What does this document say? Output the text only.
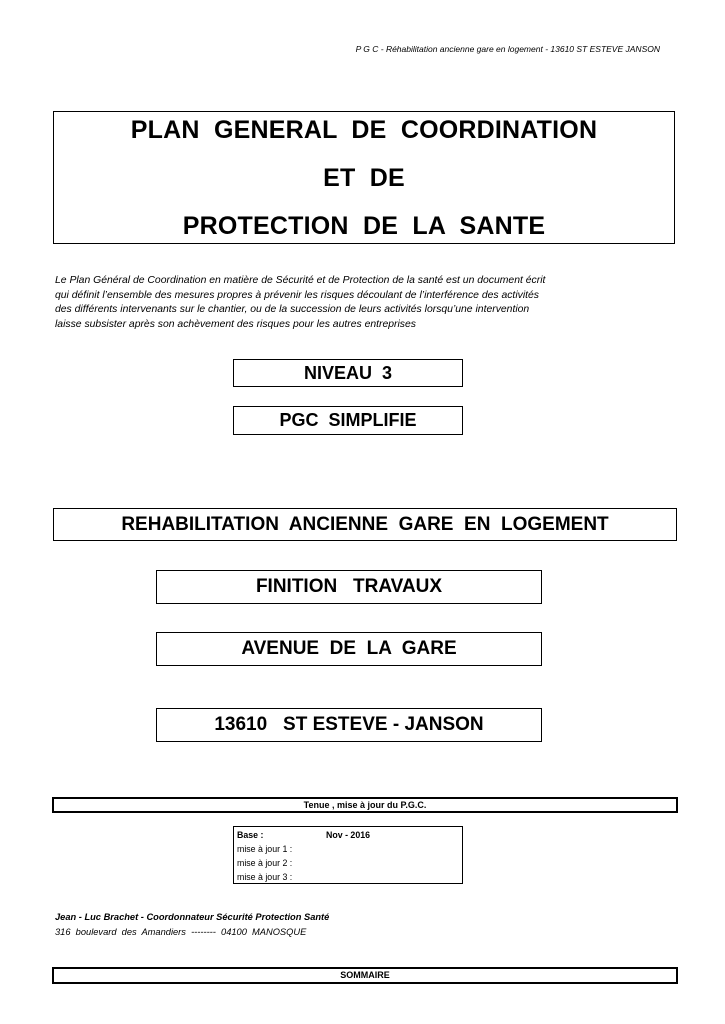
P G C - Réhabilitation ancienne gare en logement - 13610 ST ESTEVE JANSON
PLAN  GENERAL  DE  COORDINATION
ET  DE
PROTECTION  DE  LA  SANTE
Le Plan Général de Coordination en matière de Sécurité et de Protection de la santé est un document écrit
qui définit l’ensemble des mesures propres à prévenir les risques découlant de l’interférence des activités
des différents intervenants sur le chantier, ou de la succession de leurs activités lorsqu’une intervention
laisse subsister après son achèvement des risques pour les autres entreprises
NIVEAU  3
PGC  SIMPLIFIE
REHABILITATION  ANCIENNE  GARE  EN  LOGEMENT
FINITION   TRAVAUX
AVENUE  DE  LA  GARE
13610   ST ESTEVE - JANSON
Tenue , mise à jour du P.G.C.
Base :	Nov - 2016
mise à jour 1 :
mise à jour 2 :
mise à jour 3 :
Jean - Luc Brachet - Coordonnateur Sécurité Protection Santé
316  boulevard  des  Amandiers  --------  04100  MANOSQUE
SOMMAIRE
